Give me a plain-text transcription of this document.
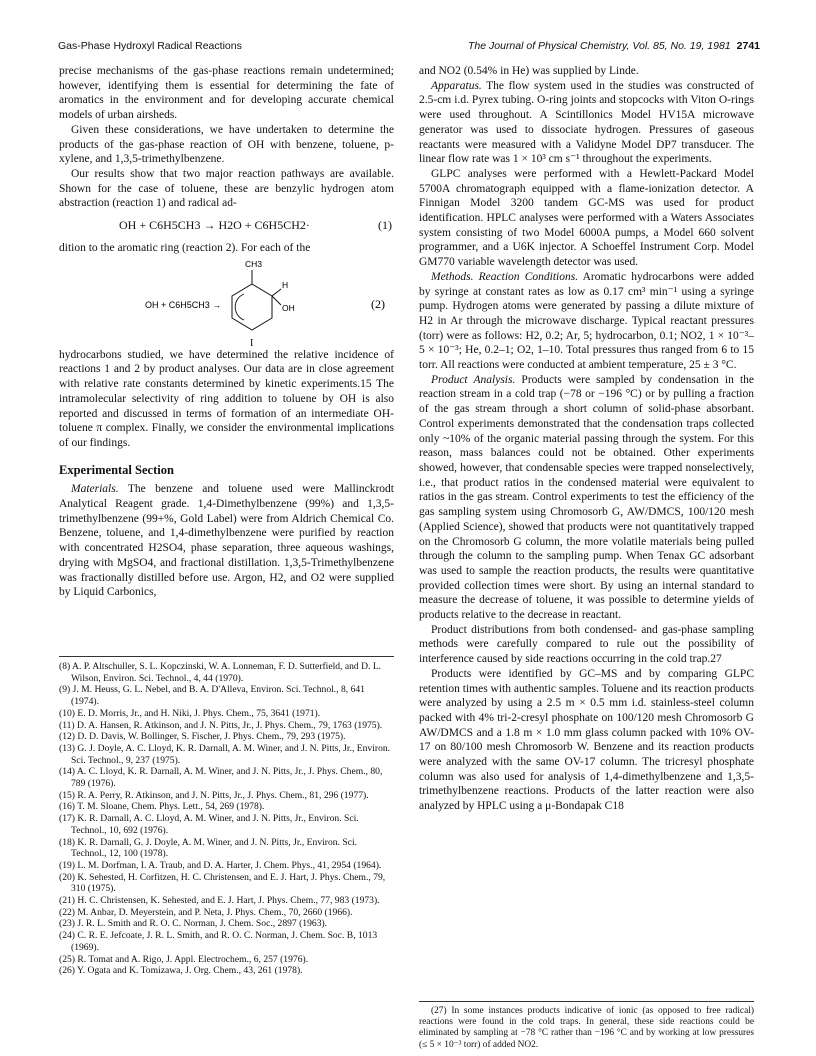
Gas-Phase Hydroxyl Radical Reactions	The Journal of Physical Chemistry, Vol. 85, No. 19, 1981 2741

precise mechanisms of the gas-phase reactions remain undetermined; however, identifying them is essential for determining the fate of aromatics in the environment and for developing accurate chemical models of urban airsheds.

Given these considerations, we have undertaken to determine the products of the gas-phase reaction of OH with benzene, toluene, p-xylene, and 1,3,5-trimethylbenzene.

Our results show that two major reaction pathways are available. Shown for the case of toluene, these are benzylic hydrogen atom abstraction (reaction 1) and radical ad-

OH + C6H5CH3 → H2O + C6H5CH2·	(1)

dition to the aromatic ring (reaction 2). For each of the

OH + C6H5CH3 →
CH3
H
OH
I
(2)

hydrocarbons studied, we have determined the relative incidence of reactions 1 and 2 by product analyses. Our data are in close agreement with relative rate constants determined by kinetic experiments.15 The intramolecular selectivity of ring addition to toluene by OH is also reported and discussed in terms of formation of an intermediate OH-toluene π complex. Finally, we consider the environmental implications of our findings.

Experimental Section

Materials. The benzene and toluene used were Mallinckrodt Analytical Reagent grade. 1,4-Dimethylbenzene (99%) and 1,3,5-trimethylbenzene (99+%, Gold Label) were from Aldrich Chemical Co. Benzene, toluene, and 1,4-dimethylbenzene were purified by reaction with concentrated H2SO4, phase separation, three aqueous washings, drying with MgSO4, and fractional distillation. 1,3,5-Trimethylbenzene was fractionally distilled before use. Argon, H2, and O2 were supplied by Liquid Carbonics,

(8) A. P. Altschuller, S. L. Kopczinski, W. A. Lonneman, F. D. Sutterfield, and D. L. Wilson, Environ. Sci. Technol., 4, 44 (1970).
(9) J. M. Heuss, G. L. Nebel, and B. A. D'Alleva, Environ. Sci. Technol., 8, 641 (1974).
(10) E. D. Morris, Jr., and H. Niki, J. Phys. Chem., 75, 3641 (1971).
(11) D. A. Hansen, R. Atkinson, and J. N. Pitts, Jr., J. Phys. Chem., 79, 1763 (1975).
(12) D. D. Davis, W. Bollinger, S. Fischer, J. Phys. Chem., 79, 293 (1975).
(13) G. J. Doyle, A. C. Lloyd, K. R. Darnall, A. M. Winer, and J. N. Pitts, Jr., Environ. Sci. Technol., 9, 237 (1975).
(14) A. C. Lloyd, K. R. Darnall, A. M. Winer, and J. N. Pitts, Jr., J. Phys. Chem., 80, 789 (1976).
(15) R. A. Perry, R. Atkinson, and J. N. Pitts, Jr., J. Phys. Chem., 81, 296 (1977).
(16) T. M. Sloane, Chem. Phys. Lett., 54, 269 (1978).
(17) K. R. Darnall, A. C. Lloyd, A. M. Winer, and J. N. Pitts, Jr., Environ. Sci. Technol., 10, 692 (1976).
(18) K. R. Darnall, G. J. Doyle, A. M. Winer, and J. N. Pitts, Jr., Environ. Sci. Technol., 12, 100 (1978).
(19) L. M. Dorfman, I. A. Traub, and D. A. Harter, J. Chem. Phys., 41, 2954 (1964).
(20) K. Sehested, H. Corfitzen, H. C. Christensen, and E. J. Hart, J. Phys. Chem., 79, 310 (1975).
(21) H. C. Christensen, K. Sehested, and E. J. Hart, J. Phys. Chem., 77, 983 (1973).
(22) M. Anbar, D. Meyerstein, and P. Neta, J. Phys. Chem., 70, 2660 (1966).
(23) J. R. L. Smith and R. O. C. Norman, J. Chem. Soc., 2897 (1963).
(24) C. R. E. Jefcoate, J. R. L. Smith, and R. O. C. Norman, J. Chem. Soc. B, 1013 (1969).
(25) R. Tomat and A. Rigo, J. Appl. Electrochem., 6, 257 (1976).
(26) Y. Ogata and K. Tomizawa, J. Org. Chem., 43, 261 (1978).

and NO2 (0.54% in He) was supplied by Linde.

Apparatus. The flow system used in the studies was constructed of 2.5-cm i.d. Pyrex tubing. O-ring joints and stopcocks with Viton O-rings were used throughout. A Scintillonics Model HV15A microwave generator was used to dissociate hydrogen. Pressures of gaseous reactants were measured with a Validyne Model DP7 transducer. The linear flow rate was 1 × 10³ cm s⁻¹ throughout the experiments.

GLPC analyses were performed with a Hewlett-Packard Model 5700A chromatograph equipped with a flame-ionization detector. A Finnigan Model 3200 tandem GC-MS was used for product identification. HPLC analyses were performed with a Waters Associates system consisting of two Model 6000A pumps, a Model 660 solvent programmer, and a U6K injector. A Schoeffel Instrument Corp. Model GM770 variable wavelength detector was used.

Methods. Reaction Conditions. Aromatic hydrocarbons were added by syringe at constant rates as low as 0.17 cm³ min⁻¹ using a syringe pump. Hydrogen atoms were generated by passing a dilute mixture of H2 in Ar through the microwave discharge. Typical reactant pressures (torr) were as follows: H2, 0.2; Ar, 5; hydrocarbon, 0.1; NO2, 1 × 10⁻³–5 × 10⁻³; He, 0.2–1; O2, 1–10. Total pressures thus ranged from 6 to 15 torr. All reactions were conducted at ambient temperature, 25 ± 3 °C.

Product Analysis. Products were sampled by condensation in the reaction stream in a cold trap (−78 or −196 °C) or by pulling a fraction of the gas stream through a short column of solid-phase absorbant. Control experiments demonstrated that the condensation traps collected only ~10% of the organic material passing through the system. For this reason, mass balances could not be obtained. Other experiments showed, however, that condensable species were trapped nonselectively, i.e., that product ratios in the condensed material were equivalent to ratios in the gas stream. Control experiments to test the efficiency of the gas sampling system using Chromosorb G, AW/DMCS, 100/120 mesh (Applied Science), showed that products were not quantitatively trapped on the Chromosorb G column, the more volatile materials being pulled through the column to the sampling pump. When Tenax GC adsorbant was used to sample the reaction products, the results were quantitative provided collection times were short. By using an internal standard to measure the decrease of toluene, it was possible to determine yields of products relative to the decrease in reactant.

Product distributions from both condensed- and gas-phase sampling methods were carefully compared to rule out the possibility of interference caused by side reactions occurring in the cold trap.27

Products were identified by GC–MS and by comparing GLPC retention times with authentic samples. Toluene and its reaction products were analyzed by using a 2.5 m × 0.5 mm i.d. stainless-steel column packed with 4% tri-2-cresyl phosphate on 100/120 mesh Chromosorb G AW/DMCS and a 1.8 m × 1.0 mm glass column packed with 10% OV-17 on 80/100 mesh Chromosorb W. Benzene and its reaction products were analyzed with the same OV-17 column. The tricresyl phosphate column was also used for analysis of 1,4-dimethylbenzene and 1,3,5-trimethylbenzene reactions. Products of the latter reaction were also analyzed by HPLC using a μ-Bondapak C18

(27) In some instances products indicative of ionic (as opposed to free radical) reactions were found in the cold traps. In general, these side reactions could be eliminated by sampling at −78 °C rather than −196 °C and by working at low pressures (≤ 5 × 10⁻³ torr) of added NO2.
